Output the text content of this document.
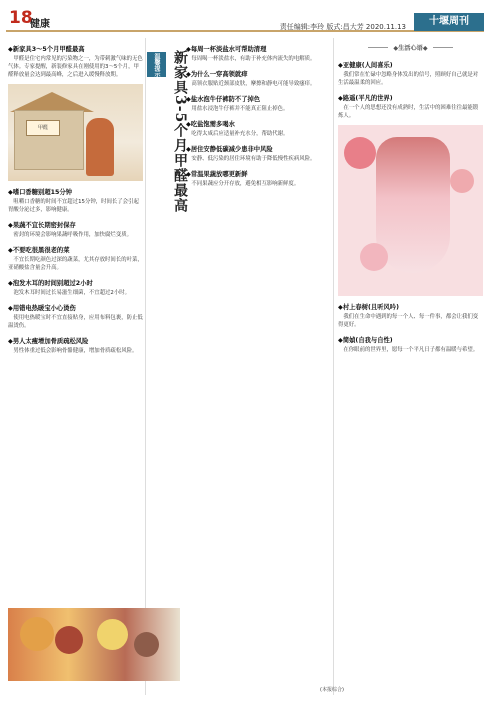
18
健康	责任编辑:李玲 版式:昌大芳 2020.11.13	十堰周刊
◆新家具3～5个月甲醛最高
甲醛是住宅内常见的污染物之一，为带刺激气味的无色气体。专家提醒，新装修家具在刚使用的3～5个月，甲醛释放量会达到最高峰，之后进入缓慢释放期。
甲醛
◆嗜口香糖别超15分钟
咀嚼口香糖的时间不宜超过15分钟，时间长了会引起胃酸分泌过多，影响健康。
◆果蔬不宜长期密封保存
密封的环境会影响果蔬呼吸作用，加快腐烂变质。
◆不要吃很黑很老的菜
不宜长期吃颜色过深的蔬菜，尤其存放时间长的叶菜，亚硝酸盐含量会升高。
◆泡发木耳的时间别超过2小时
泡发木耳时间过长易滋生细菌，不宜超过2小时。
◆用错电热暖宝小心烫伤
使用电热暖宝时不宜直接贴身，应用布料包裹，防止低温烫伤。
◆男人太瘦增加骨质疏松风险
男性体重过低会影响骨骼健康，增加骨质疏松风险。
温馨提示 新家具3-5个月甲醛最高
◆每周一杯淡盐水可帮助清理
每周喝一杯淡盐水，有助于补充体内流失的电解质。
◆为什么一穿高领就痒
高领衣服贴近颈部皮肤，摩擦和静电可能导致瘙痒。
◆盐水泡牛仔裤防不了掉色
用盐水浸泡牛仔裤并不能真正阻止掉色。
◆吃盐饱需多喝水
吃得太咸后应适量补充水分，帮助代谢。
◆居住安静低碳减少患非中风险
安静、低污染的居住环境有助于降低慢性疾病风险。
◆常温果蔬放哪更新鲜
不同果蔬应分开存放，避免相互影响新鲜度。
◆生活心语◆
◆亚健康(人间喜乐)
我们常在忙碌中忽略身体发出的信号，照顾好自己就是对生活最温柔的回应。
◆路遥(平凡的世界)
在一个人的思想还没有成熟时，生活中的困难往往最能锻炼人。
◆村上春树(且听风吟)
我们在生命中遇到的每一个人、每一件事，都会让我们变得更好。
◆简媜(自我与自性)
在你眼前的世界里，愿每一个平凡日子都有温暖与希望。
(本报综合)
